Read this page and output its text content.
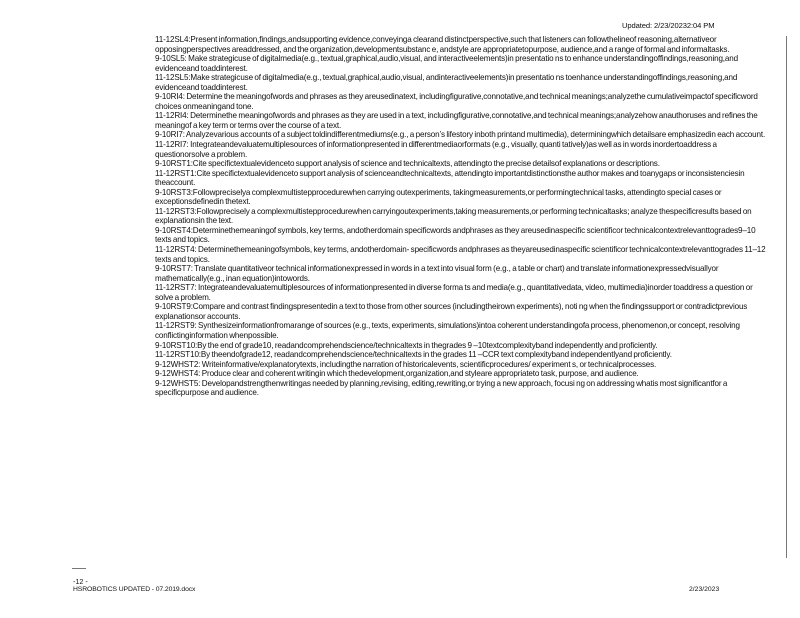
Updated: 2/23/20232:04 PM

11-12SL4:Present information,findings,andsupporting evidence,conveyinga clearand distinctperspective,such that listeners can followthelineof reasoning,alternativeor opposingperspectives areaddressed, and the organization,developmentsubstanc e, andstyle are appropriatetopurpose, audience,and a range of formal and informaltasks.

9-10SL5: Make strategicuse of digitalmedia(e.g., textual,graphical,audio,visual, and interactiveelements)in presentatio ns to enhance understandingoffindings,reasoning,and evidenceand toaddinterest.

11-12SL5:Make strategicuse of digitalmedia(e.g., textual,graphical,audio,visual, andinteractiveelements)in presentatio ns toenhance understandingoffindings,reasoning,and evidenceand toaddinterest.

9-10RI4: Determine the meaningofwords and phrases as they areusedinatext, includingfigurative,connotative,and technical meanings;analyzethe cumulativeimpactof specificword choices onmeaningand tone.

11-12RI4: Determinethe meaningofwords and phrases as they are used in a text, includingfigurative,connotative,and technical meanings;analyzehow anauthoruses and refines the meaningof a key term or terms over the course of a text.

9-10RI7: Analyzevarious accounts of a subject toldindifferentmediums(e.g., a person’s lifestory inboth printand multimedia), determiningwhich detailsare emphasizedin each account.

11-12RI7: Integrateandevaluatemultiplesources of informationpresented in differentmediaorformats (e.g., visually, quanti tatively)as well as in words inordertoaddress a questionorsolve a problem.

9-10RST1:Cite specifictextualevidenceto support analysis of science and technicaltexts, attendingto the precise detailsof explanations or descriptions.

11-12RST1:Cite specifictextualevidenceto support analysis of scienceandtechnicaltexts, attendingto importantdistinctionsthe author makes and toanygaps or inconsistenciesin theaccount.

9-10RST3:Followpreciselya complexmultistepprocedurewhen carrying outexperiments, takingmeasurements,or performingtechnical tasks, attendingto special cases or exceptionsdefinedin thetext.

11-12RST3:Followprecisely a complexmultistepprocedurewhen carryingoutexperiments,taking measurements,or performing technicaltasks; analyze thespecificresults based on explanationsin the text.

9-10RST4:Determinethemeaningof symbols, key terms, andotherdomain specificwords andphrases as they areusedinaspecific scientificor technicalcontextrelevanttogrades9–10 texts and topics.

11-12RST4: Determinethemeaningofsymbols, key terms, andotherdomain- specificwords andphrases as theyareusedinaspecific scientificor technicalcontextrelevanttogrades 11–12 texts and topics.

9-10RST7: Translate quantitativeor technical informationexpressed in words in a text into visual form (e.g., a table or chart) and translate informationexpressedvisuallyor mathematically(e.g., inan equation)intowords.

11-12RST7: Integrateandevaluatemultiplesources of informationpresented in diverse forma ts and media(e.g., quantitativedata, video, multimedia)inorder toaddress a question or solve a problem.

9-10RST9:Compare and contrast findingspresentedin a text to those from other sources (includingtheirown experiments), noti ng when the findingssupport or contradictprevious explanationsor accounts.

11-12RST9: Synthesizeinformationfromarange of sources (e.g., texts, experiments, simulations)intoa coherent understandingofa process, phenomenon,or concept, resolving conflictinginformation whenpossible.

9-10RST10:By the end of grade10, readandcomprehendscience/technicaltexts in thegrades 9 –10textcomplexityband independently and proficiently.

11-12RST10:By theendofgrade12, readandcomprehendscience/technicaltexts in the grades 11 –CCR text complexityband independentlyand proficiently.

9-12WHST2: Writeinformative/explanatorytexts, includingthe narration of historicalevents, scientificprocedures/ experiment s, or technicalprocesses.

9-12WHST4: Produce clear and coherent writingin which thedevelopment,organization,and styleare appropriateto task, purpose, and audience.

9-12WHST5: Developandstrengthenwritingas needed by planning,revising, editing,rewriting,or trying a new approach, focusi ng on addressing whatis most significantfor a specificpurpose and audience.

-12 -
HSROBOTICS UPDATED - 07.2019.docx	2/23/2023
